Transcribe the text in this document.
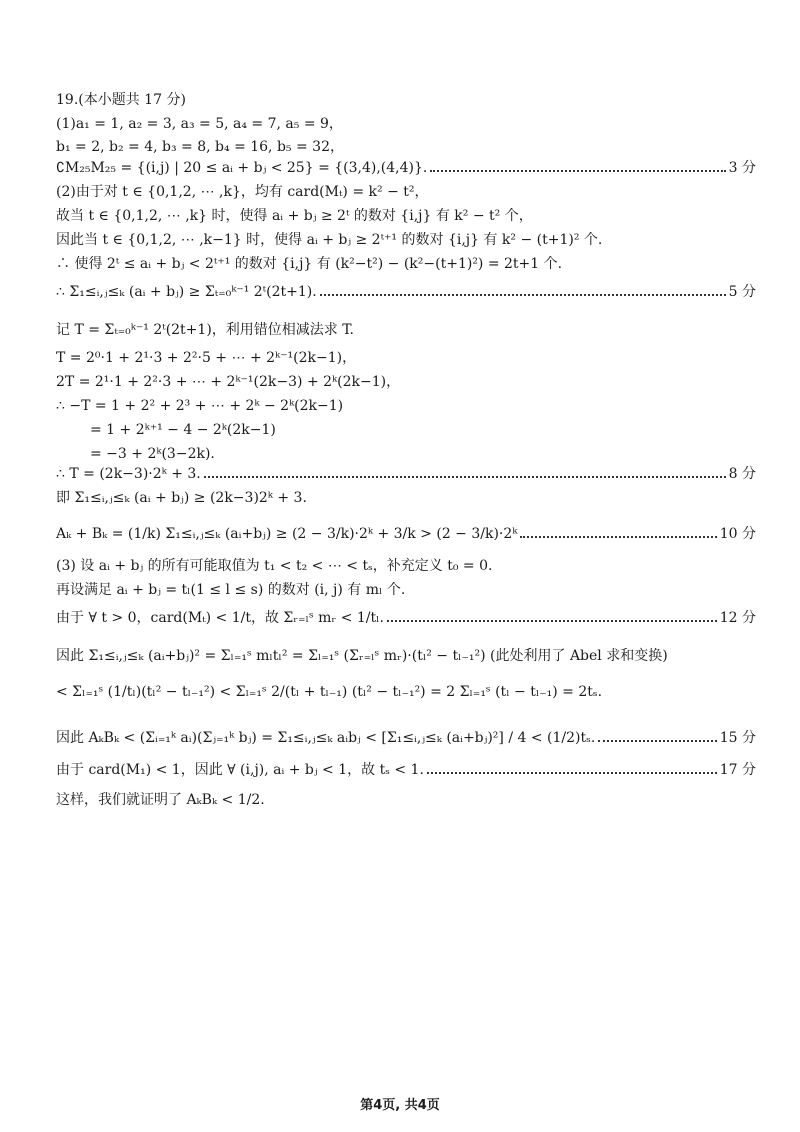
19.(本小题共 17 分)
(1)a₁ = 1, a₂ = 3, a₃ = 5, a₄ = 7, a₅ = 9，
b₁ = 2, b₂ = 4, b₃ = 8, b₄ = 16, b₅ = 32，
∁M₂₅M₂₅ = {(i,j) | 20 ≤ aᵢ + bⱼ < 25} = {(3,4),(4,4)}.	3 分
(2)由于对 t ∈ {0,1,2, ⋯ ,k}，均有 card(Mₜ) = k² − t²，
故当 t ∈ {0,1,2, ⋯ ,k} 时，使得 aᵢ + bⱼ ≥ 2ᵗ 的数对 {i,j} 有 k² − t² 个，
因此当 t ∈ {0,1,2, ⋯ ,k−1} 时，使得 aᵢ + bⱼ ≥ 2ᵗ⁺¹ 的数对 {i,j} 有 k² − (t+1)² 个.
∴ 使得 2ᵗ ≤ aᵢ + bⱼ < 2ᵗ⁺¹ 的数对 {i,j} 有 (k²−t²) − (k²−(t+1)²) = 2t+1 个.
∴ Σ₁≤ᵢ,ⱼ≤ₖ (aᵢ + bⱼ) ≥ Σₜ₌₀ᵏ⁻¹ 2ᵗ(2t+1).	5 分
记 T = Σₜ₌₀ᵏ⁻¹ 2ᵗ(2t+1)，利用错位相减法求 T.
T = 2⁰·1 + 2¹·3 + 2²·5 + ⋯ + 2ᵏ⁻¹(2k−1)，
2T = 2¹·1 + 2²·3 + ⋯ + 2ᵏ⁻¹(2k−3) + 2ᵏ(2k−1)，
∴ −T = 1 + 2² + 2³ + ⋯ + 2ᵏ − 2ᵏ(2k−1)
= 1 + 2ᵏ⁺¹ − 4 − 2ᵏ(2k−1)
= −3 + 2ᵏ(3−2k).
∴ T = (2k−3)·2ᵏ + 3.	8 分
即 Σ₁≤ᵢ,ⱼ≤ₖ (aᵢ + bⱼ) ≥ (2k−3)2ᵏ + 3.
Aₖ + Bₖ = (1/k) Σ₁≤ᵢ,ⱼ≤ₖ (aᵢ+bⱼ) ≥ (2 − 3/k)·2ᵏ + 3/k > (2 − 3/k)·2ᵏ	10 分
(3) 设 aᵢ + bⱼ 的所有可能取值为 t₁ < t₂ < ⋯ < tₛ，补充定义 t₀ = 0.
再设满足 aᵢ + bⱼ = tₗ(1 ≤ l ≤ s) 的数对 (i, j) 有 mₗ 个.
由于 ∀ t > 0，card(Mₜ) < 1/t，故 Σᵣ₌ₗˢ mᵣ < 1/tₗ.	12 分
因此 Σ₁≤ᵢ,ⱼ≤ₖ (aᵢ+bⱼ)² = Σₗ₌₁ˢ mₗtₗ² = Σₗ₌₁ˢ (Σᵣ₌ₗˢ mᵣ)·(tₗ² − tₗ₋₁²) (此处利用了 Abel 求和变换)
< Σₗ₌₁ˢ (1/tₗ)(tₗ² − tₗ₋₁²) < Σₗ₌₁ˢ 2/(tₗ + tₗ₋₁) (tₗ² − tₗ₋₁²) = 2 Σₗ₌₁ˢ (tₗ − tₗ₋₁) = 2tₛ.
因此 AₖBₖ < (Σᵢ₌₁ᵏ aᵢ)(Σⱼ₌₁ᵏ bⱼ) = Σ₁≤ᵢ,ⱼ≤ₖ aᵢbⱼ < [Σ₁≤ᵢ,ⱼ≤ₖ (aᵢ+bⱼ)²] / 4 < (1/2)tₛ.	15 分
由于 card(M₁) < 1，因此 ∀ (i,j), aᵢ + bⱼ < 1，故 tₛ < 1.	17 分
这样，我们就证明了 AₖBₖ < 1/2.
第4页, 共4页
